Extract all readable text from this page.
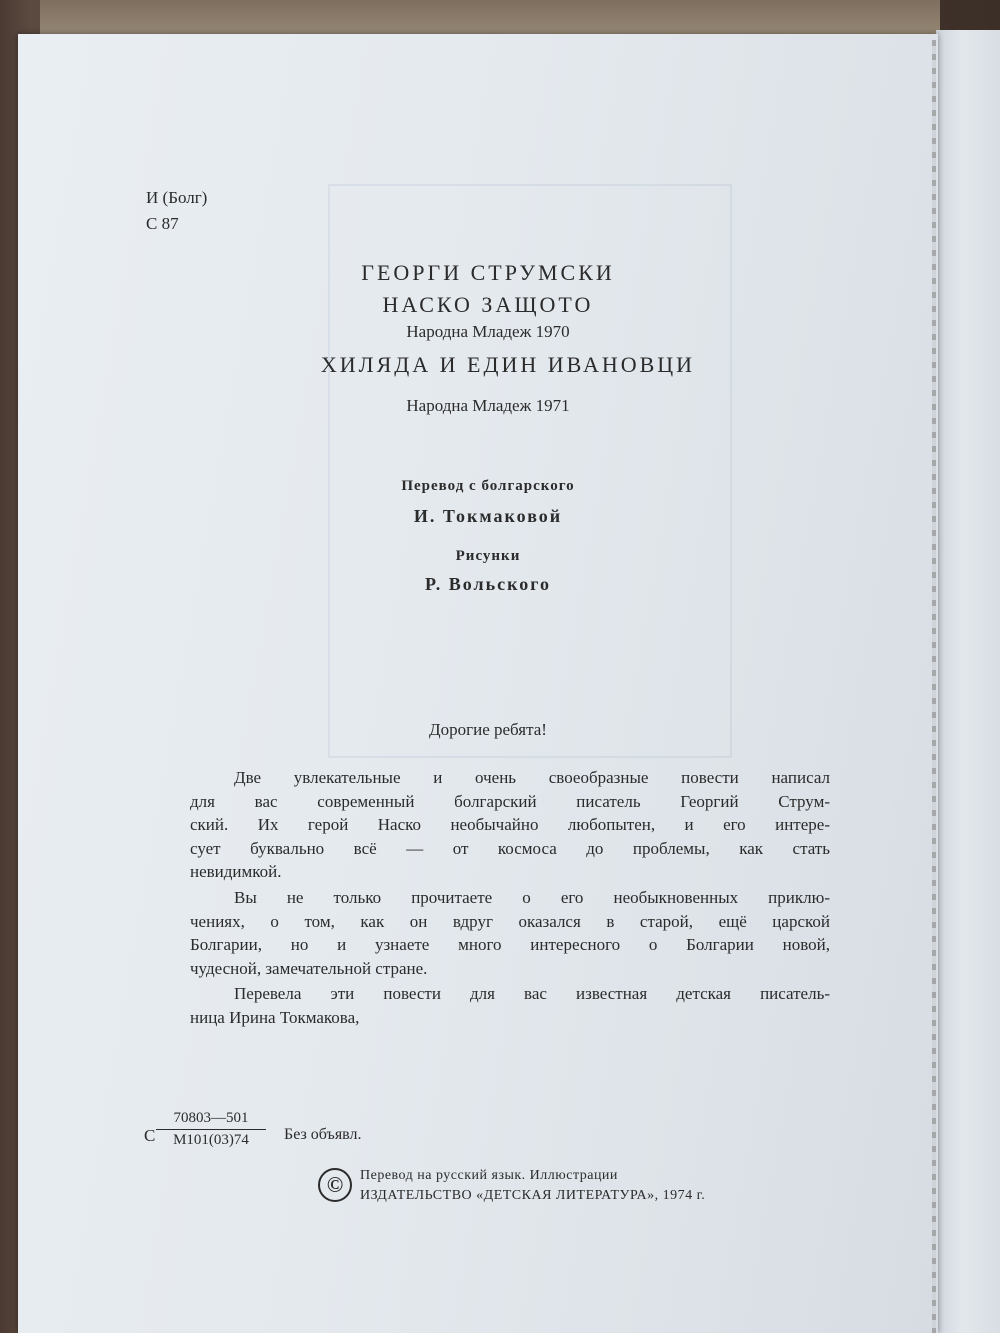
И (Болг)
С 87
ГЕОРГИ СТРУМСКИ
НАСКО ЗАЩОТО
Народна Младеж 1970
ХИЛЯДА И ЕДИН ИВАНОВЦИ
Народна Младеж 1971
Перевод с болгарского
И. Токмаковой
Рисунки
Р. Вольского
Дорогие ребята!
Две увлекательные и очень своеобразные повести написал
для вас современный болгарский писатель Георгий Струм-
ский. Их герой Наско необычайно любопытен, и его интере-
сует буквально всё — от космоса до проблемы, как стать
невидимкой.
Вы не только прочитаете о его необыкновенных приклю-
чениях, о том, как он вдруг оказался в старой, ещё царской
Болгарии, но и узнаете много интересного о Болгарии новой,
чудесной, замечательной стране.
Перевела эти повести для вас известная детская писатель-
ница Ирина Токмакова,
С
70803—501
М101(03)74	Без объявл.
©	Перевод на русский язык. Иллюстрации
ИЗДАТЕЛЬСТВО «ДЕТСКАЯ ЛИТЕРАТУРА», 1974 г.
